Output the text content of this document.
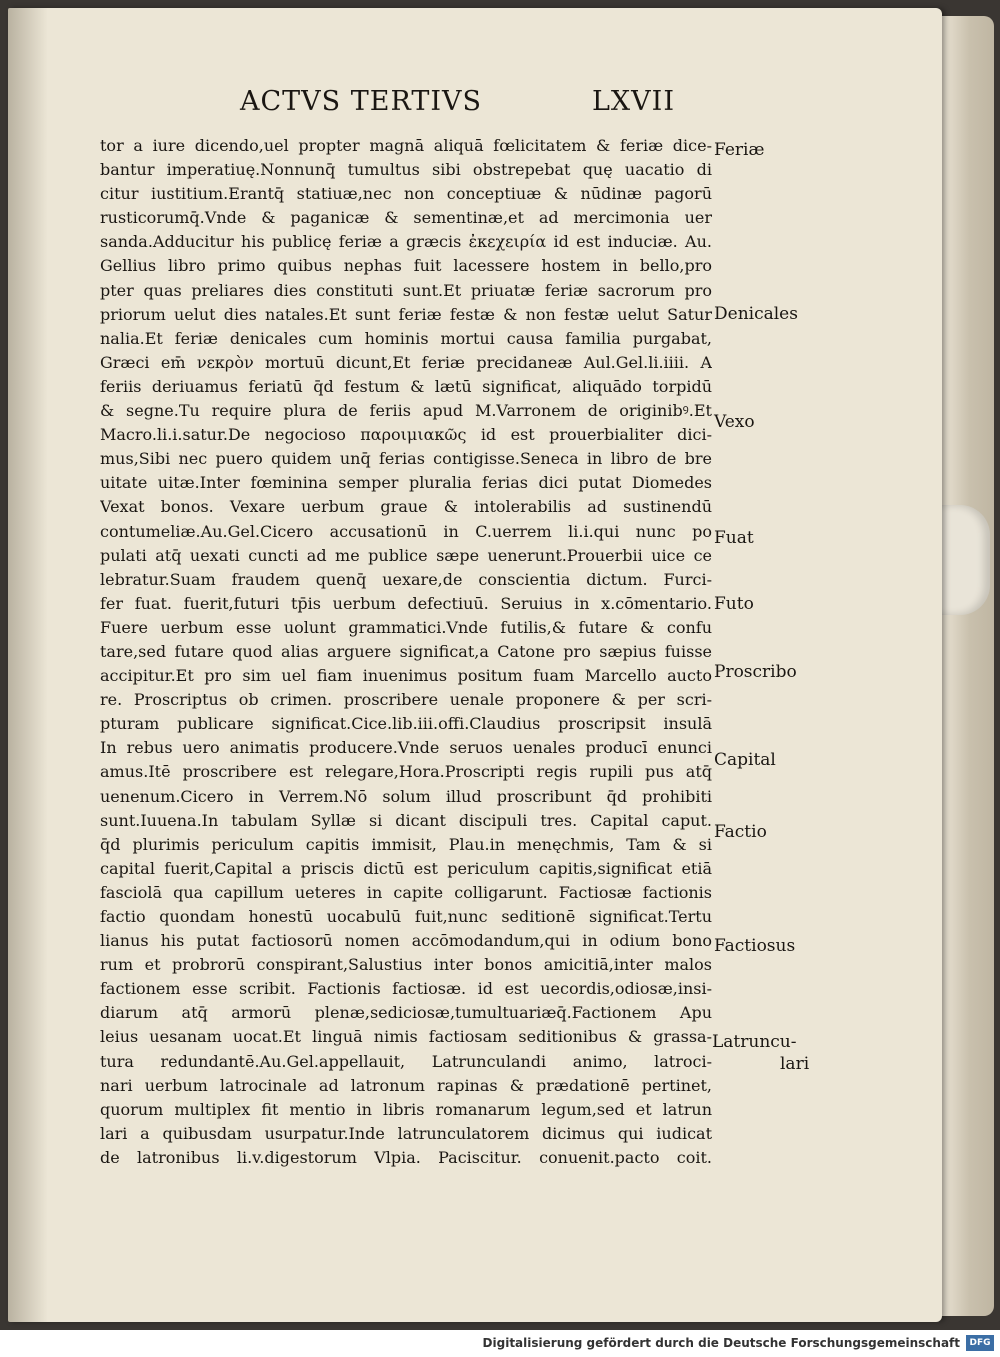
ACTVS TERTIVS	LXVII
tor a iure dicendo,uel propter magnā aliquā fœlicitatem & feriæ dice-
bantur imperatiuę.Nonnunq̄ tumultus sibi obstrepebat quę uacatio di
citur iustitium.Erantq̄ statiuæ,nec non conceptiuæ & nūdinæ pagorū
rusticorumq̄.Vnde & paganicæ & sementinæ,et ad mercimonia uer
sanda.Adducitur his publicę feriæ a græcis ἐκεχειρία id est induciæ. Au.
Gellius libro primo quibus nephas fuit lacessere hostem in bello,pro
pter quas preliares dies constituti sunt.Et priuatæ feriæ sacrorum pro
priorum uelut dies natales.Et sunt feriæ festæ & non festæ uelut Satur
nalia.Et feriæ denicales cum hominis mortui causa familia purgabat,
Græci em̄ νεκρὸν mortuū dicunt,Et feriæ precidaneæ Aul.Gel.li.iiii. A
feriis deriuamus feriatū q̄d festum & lætū significat, aliquādo torpidū
& segne.Tu require plura de feriis apud M.Varronem de originibꝰ.Et
Macro.li.i.satur.De negocioso παροιμιακῶς id est prouerbialiter dici-
mus,Sibi nec puero quidem unq̄ ferias contigisse.Seneca in libro de bre
uitate uitæ.Inter fœminina semper pluralia ferias dici putat Diomedes
Vexat bonos. Vexare uerbum graue & intolerabilis ad sustinendū
contumeliæ.Au.Gel.Cicero accusationū in C.uerrem li.i.qui nunc po
pulati atq̄ uexati cuncti ad me publice sæpe uenerunt.Prouerbii uice ce
lebratur.Suam fraudem quenq̄ uexare,de conscientia dictum. Furci-
fer fuat. fuerit,futuri tp̄is uerbum defectiuū. Seruius in x.cōmentario.
Fuere uerbum esse uolunt grammatici.Vnde futilis,& futare & confu
tare,sed futare quod alias arguere significat,a Catone pro sæpius fuisse
accipitur.Et pro sim uel fiam inuenimus positum fuam Marcello aucto
re. Proscriptus ob crimen. proscribere uenale proponere & per scri-
pturam publicare significat.Cice.lib.iii.offi.Claudius proscripsit insulā
In rebus uero animatis producere.Vnde seruos uenales producī enunci
amus.Itē proscribere est relegare,Hora.Proscripti regis rupili pus atq̄
uenenum.Cicero in Verrem.Nō solum illud proscribunt q̄d prohibiti
sunt.Iuuena.In tabulam Syllæ si dicant discipuli tres. Capital caput.
q̄d plurimis periculum capitis immisit, Plau.in menęchmis, Tam & si
capital fuerit,Capital a priscis dictū est periculum capitis,significat etiā
fasciolā qua capillum ueteres in capite colligarunt. Factiosæ factionis
factio quondam honestū uocabulū fuit,nunc seditionē significat.Tertu
lianus his putat factiosorū nomen accōmodandum,qui in odium bono
rum et probrorū conspirant,Salustius inter bonos amicitiā,inter malos
factionem esse scribit. Factionis factiosæ. id est uecordis,odiosæ,insi-
diarum atq̄ armorū plenæ,sediciosæ,tumultuariæq̄.Factionem Apu
leius uesanam uocat.Et linguā nimis factiosam seditionibus & grassa-
tura redundantē.Au.Gel.appellauit, Latrunculandi animo, latroci-
nari uerbum latrocinale ad latronum rapinas & prædationē pertinet,
quorum multiplex fit mentio in libris romanarum legum,sed et latrun
lari a quibusdam usurpatur.Inde latrunculatorem dicimus qui iudicat
de latronibus li.v.digestorum Vlpia. Paciscitur. conuenit.pacto coit.
Feriæ
Denicales
Vexo
Fuat
Futo
Proscribo
Capital
Factio
Factiosus
Latruncu-
lari
Digitalisierung gefördert durch die Deutsche Forschungsgemeinschaft	DFG
